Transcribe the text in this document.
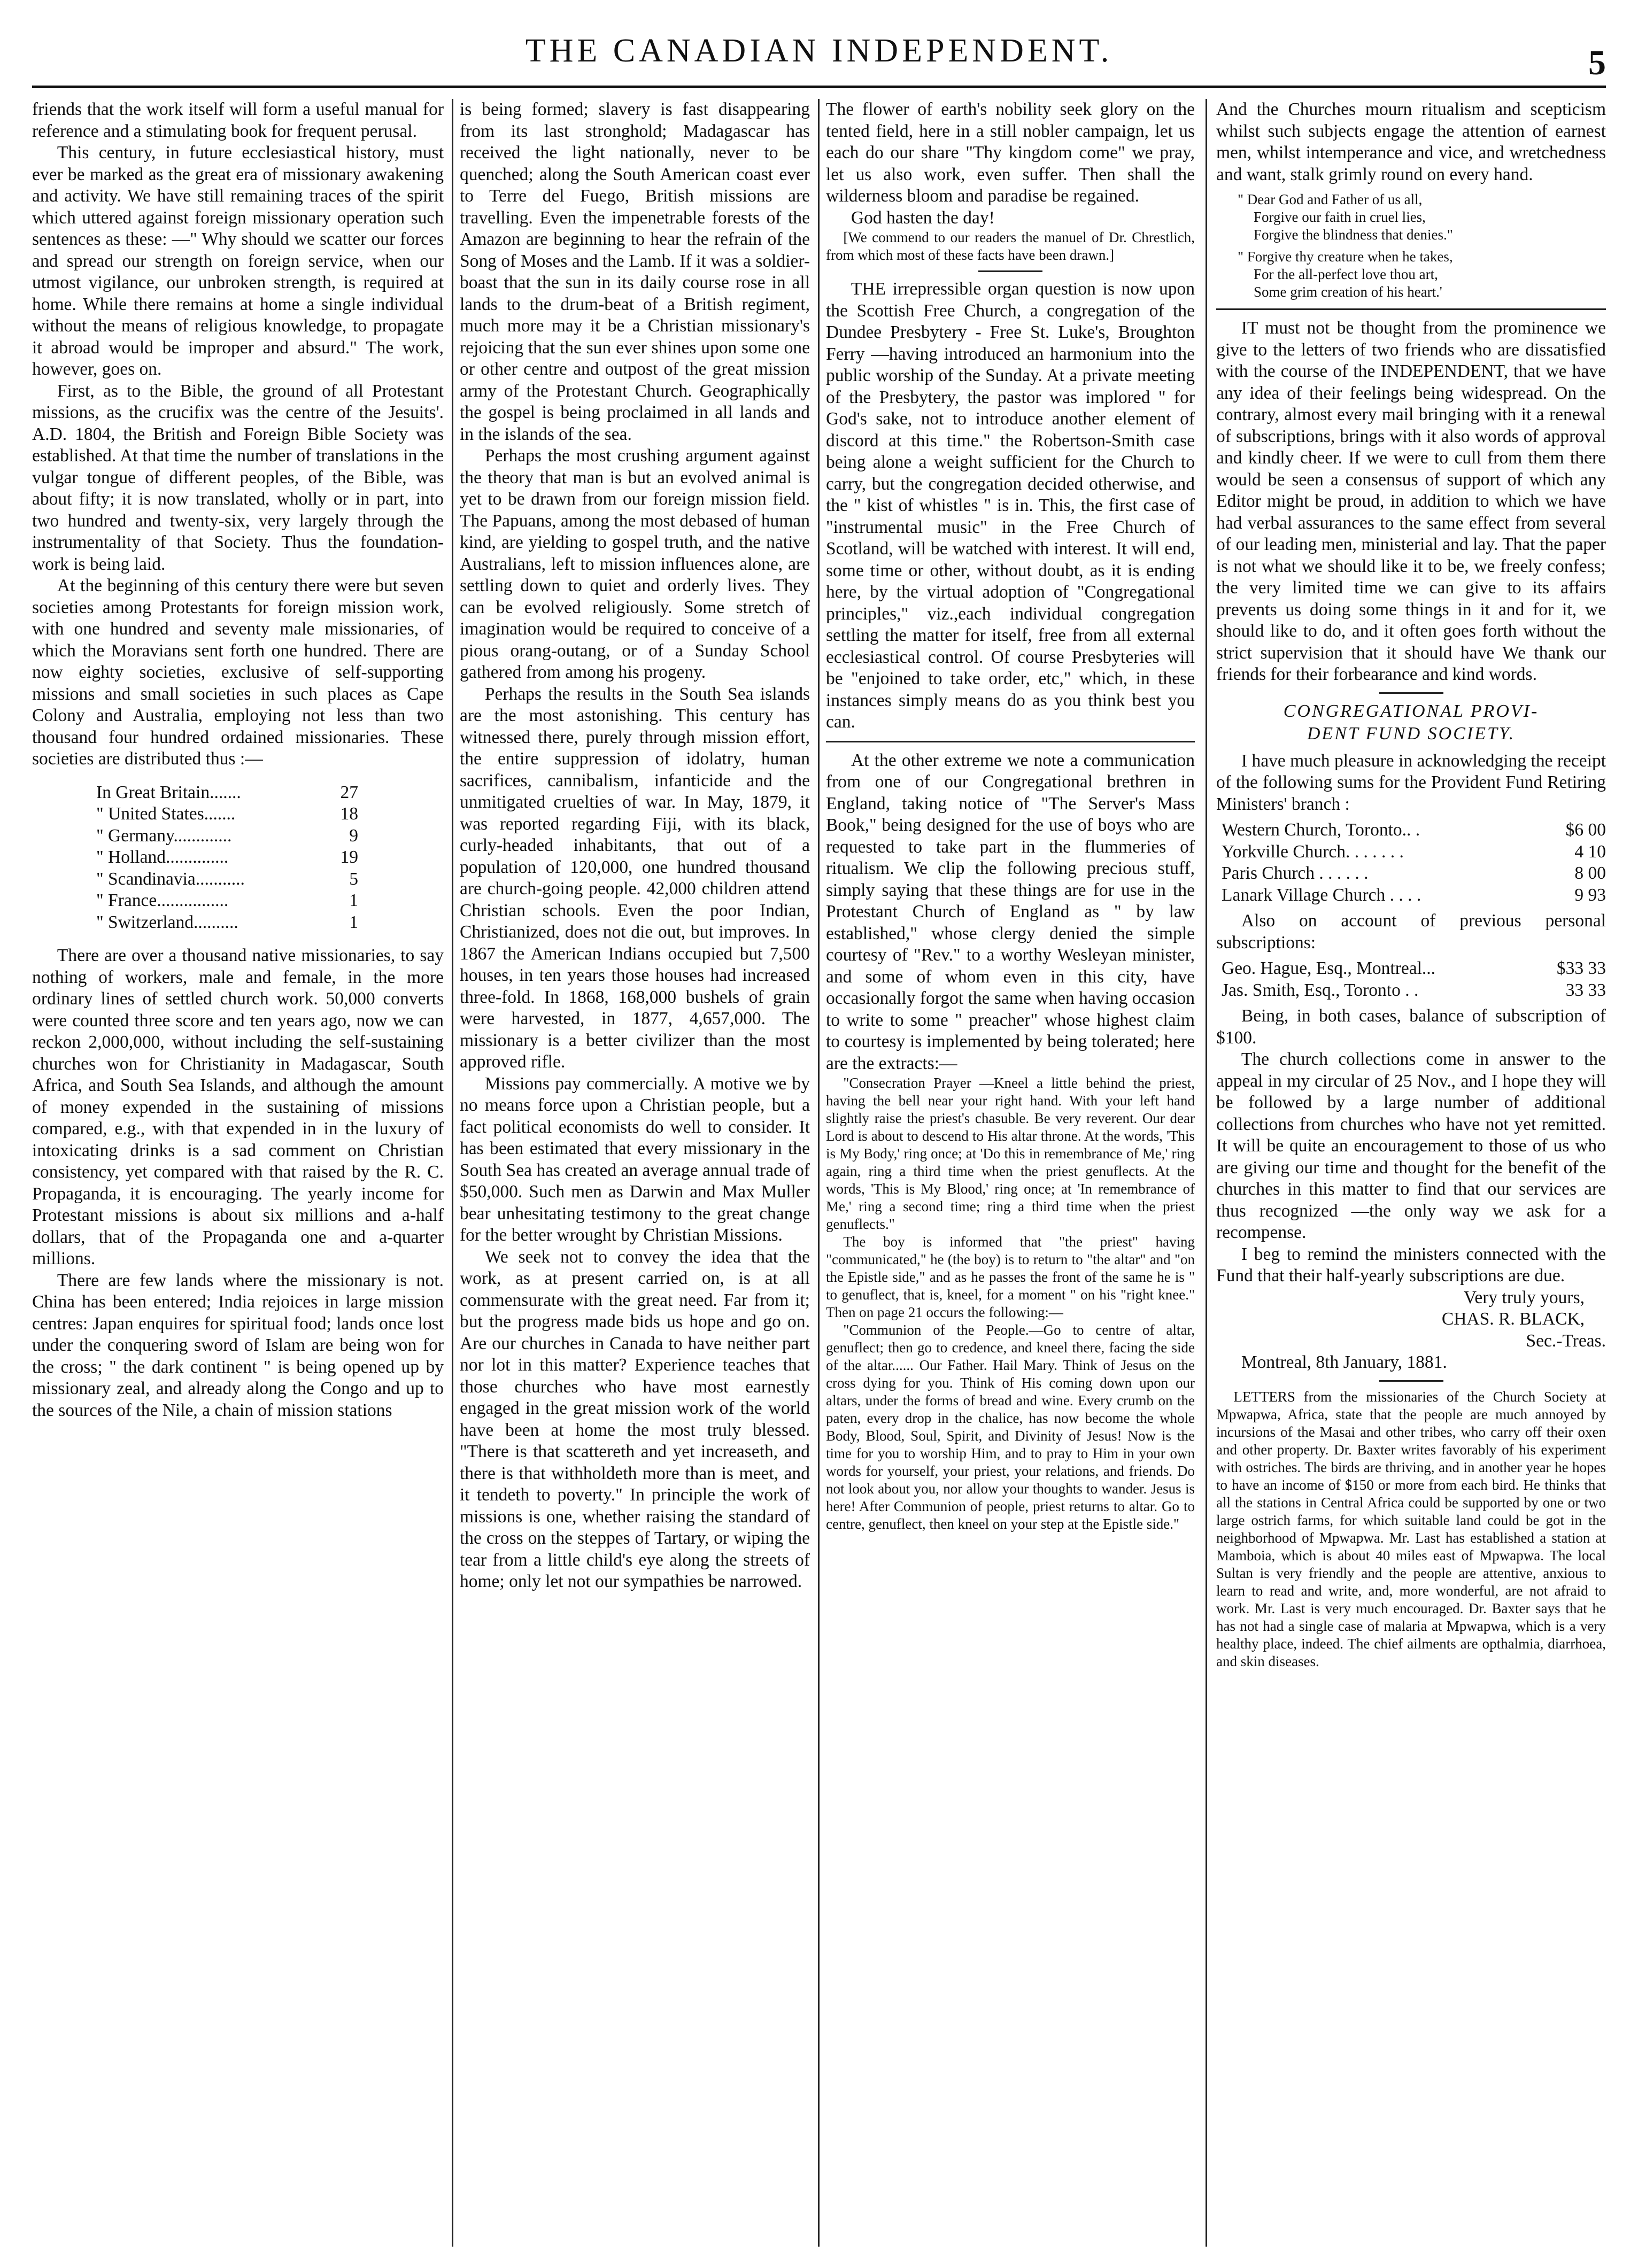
THE CANADIAN INDEPENDENT.	5

friends that the work itself will form a useful manual for reference and a stimulating book for frequent perusal.

This century, in future ecclesiastical history, must ever be marked as the great era of missionary awakening and activity. We have still remaining traces of the spirit which uttered against foreign missionary operation such sentences as these: —" Why should we scatter our forces and spread our strength on foreign service, when our utmost vigilance, our unbroken strength, is required at home. While there remains at home a single individual without the means of religious knowledge, to propagate it abroad would be improper and absurd." The work, however, goes on.

First, as to the Bible, the ground of all Protestant missions, as the crucifix was the centre of the Jesuits'. A.D. 1804, the British and Foreign Bible Society was established. At that time the number of translations in the vulgar tongue of different peoples, of the Bible, was about fifty; it is now translated, wholly or in part, into two hundred and twenty-six, very largely through the instrumentality of that Society. Thus the foundation-work is being laid.

At the beginning of this century there were but seven societies among Protestants for foreign mission work, with one hundred and seventy male missionaries, of which the Moravians sent forth one hundred. There are now eighty societies, exclusive of self-supporting missions and small societies in such places as Cape Colony and Australia, employing not less than two thousand four hundred ordained missionaries. These societies are distributed thus :—

In Great Britain.......	27
" United States.......	18
" Germany.............	9
" Holland..............	19
" Scandinavia...........	5
" France................	1
" Switzerland..........	1

There are over a thousand native missionaries, to say nothing of workers, male and female, in the more ordinary lines of settled church work. 50,000 converts were counted three score and ten years ago, now we can reckon 2,000,000, without including the self-sustaining churches won for Christianity in Madagascar, South Africa, and South Sea Islands, and although the amount of money expended in the sustaining of missions compared, e.g., with that expended in in the luxury of intoxicating drinks is a sad comment on Christian consistency, yet compared with that raised by the R. C. Propaganda, it is encouraging. The yearly income for Protestant missions is about six millions and a-half dollars, that of the Propaganda one and a-quarter millions.

There are few lands where the missionary is not. China has been entered; India rejoices in large mission centres: Japan enquires for spiritual food; lands once lost under the conquering sword of Islam are being won for the cross; " the dark continent " is being opened up by missionary zeal, and already along the Congo and up to the sources of the Nile, a chain of mission stations

is being formed; slavery is fast disappearing from its last stronghold; Madagascar has received the light nationally, never to be quenched; along the South American coast ever to Terre del Fuego, British missions are travelling. Even the impenetrable forests of the Amazon are beginning to hear the refrain of the Song of Moses and the Lamb. If it was a soldier-boast that the sun in its daily course rose in all lands to the drum-beat of a British regiment, much more may it be a Christian missionary's rejoicing that the sun ever shines upon some one or other centre and outpost of the great mission army of the Protestant Church. Geographically the gospel is being proclaimed in all lands and in the islands of the sea.

Perhaps the most crushing argument against the theory that man is but an evolved animal is yet to be drawn from our foreign mission field. The Papuans, among the most debased of human kind, are yielding to gospel truth, and the native Australians, left to mission influences alone, are settling down to quiet and orderly lives. They can be evolved religiously. Some stretch of imagination would be required to conceive of a pious orang-outang, or of a Sunday School gathered from among his progeny.

Perhaps the results in the South Sea islands are the most astonishing. This century has witnessed there, purely through mission effort, the entire suppression of idolatry, human sacrifices, cannibalism, infanticide and the unmitigated cruelties of war. In May, 1879, it was reported regarding Fiji, with its black, curly-headed inhabitants, that out of a population of 120,000, one hundred thousand are church-going people. 42,000 children attend Christian schools. Even the poor Indian, Christianized, does not die out, but improves. In 1867 the American Indians occupied but 7,500 houses, in ten years those houses had increased three-fold. In 1868, 168,000 bushels of grain were harvested, in 1877, 4,657,000. The missionary is a better civilizer than the most approved rifle.

Missions pay commercially. A motive we by no means force upon a Christian people, but a fact political economists do well to consider. It has been estimated that every missionary in the South Sea has created an average annual trade of $50,000. Such men as Darwin and Max Muller bear unhesitating testimony to the great change for the better wrought by Christian Missions.

We seek not to convey the idea that the work, as at present carried on, is at all commensurate with the great need. Far from it; but the progress made bids us hope and go on. Are our churches in Canada to have neither part nor lot in this matter? Experience teaches that those churches who have most earnestly engaged in the great mission work of the world have been at home the most truly blessed. "There is that scattereth and yet increaseth, and there is that withholdeth more than is meet, and it tendeth to poverty." In principle the work of missions is one, whether raising the standard of the cross on the steppes of Tartary, or wiping the tear from a little child's eye along the streets of home; only let not our sympathies be narrowed.

The flower of earth's nobility seek glory on the tented field, here in a still nobler campaign, let us each do our share "Thy kingdom come" we pray, let us also work, even suffer. Then shall the wilderness bloom and paradise be regained.

God hasten the day!

[We commend to our readers the manuel of Dr. Chrestlich, from which most of these facts have been drawn.]

THE irrepressible organ question is now upon the Scottish Free Church, a congregation of the Dundee Presbytery - Free St. Luke's, Broughton Ferry —having introduced an harmonium into the public worship of the Sunday. At a private meeting of the Presbytery, the pastor was implored " for God's sake, not to introduce another element of discord at this time." the Robertson-Smith case being alone a weight sufficient for the Church to carry, but the congregation decided otherwise, and the " kist of whistles " is in. This, the first case of "instrumental music" in the Free Church of Scotland, will be watched with interest. It will end, some time or other, without doubt, as it is ending here, by the virtual adoption of "Congregational principles," viz.,each individual congregation settling the matter for itself, free from all external ecclesiastical control. Of course Presbyteries will be "enjoined to take order, etc," which, in these instances simply means do as you think best you can.

At the other extreme we note a communication from one of our Congregational brethren in England, taking notice of "The Server's Mass Book," being designed for the use of boys who are requested to take part in the flummeries of ritualism. We clip the following precious stuff, simply saying that these things are for use in the Protestant Church of England as " by law established," whose clergy denied the simple courtesy of "Rev." to a worthy Wesleyan minister, and some of whom even in this city, have occasionally forgot the same when having occasion to write to some " preacher" whose highest claim to courtesy is implemented by being tolerated; here are the extracts:—

"Consecration Prayer —Kneel a little behind the priest, having the bell near your right hand. With your left hand slightly raise the priest's chasuble. Be very reverent. Our dear Lord is about to descend to His altar throne. At the words, 'This is My Body,' ring once; at 'Do this in remembrance of Me,' ring again, ring a third time when the priest genuflects. At the words, 'This is My Blood,' ring once; at 'In remembrance of Me,' ring a second time; ring a third time when the priest genuflects."

The boy is informed that "the priest" having "communicated," he (the boy) is to return to "the altar" and "on the Epistle side," and as he passes the front of the same he is " to genuflect, that is, kneel, for a moment " on his "right knee." Then on page 21 occurs the following:—

"Communion of the People.—Go to centre of altar, genuflect; then go to credence, and kneel there, facing the side of the altar...... Our Father. Hail Mary. Think of Jesus on the cross dying for you. Think of His coming down upon our altars, under the forms of bread and wine. Every crumb on the paten, every drop in the chalice, has now become the whole Body, Blood, Soul, Spirit, and Divinity of Jesus! Now is the time for you to worship Him, and to pray to Him in your own words for yourself, your priest, your relations, and friends. Do not look about you, nor allow your thoughts to wander. Jesus is here! After Communion of people, priest returns to altar. Go to centre, genuflect, then kneel on your step at the Epistle side."

And the Churches mourn ritualism and scepticism whilst such subjects engage the attention of earnest men, whilst intemperance and vice, and wretchedness and want, stalk grimly round on every hand.

" Dear God and Father of us all,
Forgive our faith in cruel lies,
Forgive the blindness that denies."
" Forgive thy creature when he takes,
For the all-perfect love thou art,
Some grim creation of his heart.'

IT must not be thought from the prominence we give to the letters of two friends who are dissatisfied with the course of the INDEPENDENT, that we have any idea of their feelings being widespread. On the contrary, almost every mail bringing with it a renewal of subscriptions, brings with it also words of approval and kindly cheer. If we were to cull from them there would be seen a consensus of support of which any Editor might be proud, in addition to which we have had verbal assurances to the same effect from several of our leading men, ministerial and lay. That the paper is not what we should like it to be, we freely confess; the very limited time we can give to its affairs prevents us doing some things in it and for it, we should like to do, and it often goes forth without the strict supervision that it should have We thank our friends for their forbearance and kind words.

CONGREGATIONAL PROVI-
DENT FUND SOCIETY.

I have much pleasure in acknowledging the receipt of the following sums for the Provident Fund Retiring Ministers' branch :

Western Church, Toronto.. .	$6 00
Yorkville Church. . . . . . .	4 10
Paris Church . . . . . .	8 00
Lanark Village Church . . . .	9 93

Also on account of previous personal subscriptions:

Geo. Hague, Esq., Montreal...	$33 33
Jas. Smith, Esq., Toronto . .	33 33

Being, in both cases, balance of subscription of $100.

The church collections come in answer to the appeal in my circular of 25 Nov., and I hope they will be followed by a large number of additional collections from churches who have not yet remitted. It will be quite an encouragement to those of us who are giving our time and thought for the benefit of the churches in this matter to find that our services are thus recognized —the only way we ask for a recompense.

I beg to remind the ministers connected with the Fund that their half-yearly subscriptions are due.

Very truly yours,
CHAS. R. BLACK,
Sec.-Treas.

Montreal, 8th January, 1881.

LETTERS from the missionaries of the Church Society at Mpwapwa, Africa, state that the people are much annoyed by incursions of the Masai and other tribes, who carry off their oxen and other property. Dr. Baxter writes favorably of his experiment with ostriches. The birds are thriving, and in another year he hopes to have an income of $150 or more from each bird. He thinks that all the stations in Central Africa could be supported by one or two large ostrich farms, for which suitable land could be got in the neighborhood of Mpwapwa. Mr. Last has established a station at Mamboia, which is about 40 miles east of Mpwapwa. The local Sultan is very friendly and the people are attentive, anxious to learn to read and write, and, more wonderful, are not afraid to work. Mr. Last is very much encouraged. Dr. Baxter says that he has not had a single case of malaria at Mpwapwa, which is a very healthy place, indeed. The chief ailments are opthalmia, diarrhoea, and skin diseases.
